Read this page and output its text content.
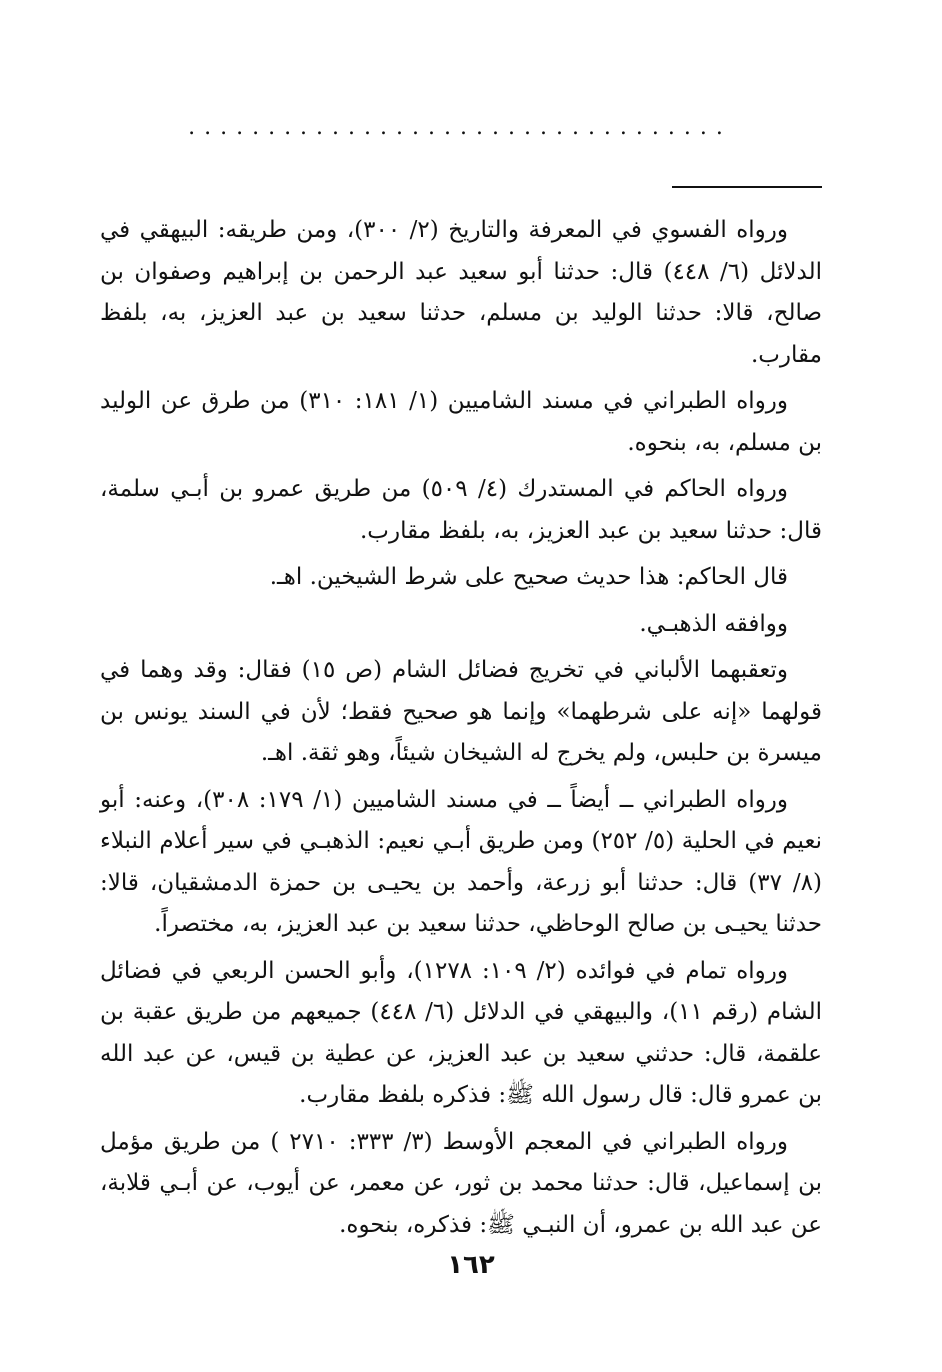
..................................

ورواه الفسوي في المعرفة والتاريخ (٢/ ٣٠٠)، ومن طريقه: البيهقي في الدلائل (٦/ ٤٤٨) قال: حدثنا أبو سعيد عبد الرحمن بن إبراهيم وصفوان بن صالح، قالا: حدثنا الوليد بن مسلم، حدثنا سعيد بن عبد العزيز، به، بلفظ مقارب.

ورواه الطبراني في مسند الشاميين (١/ ١٨١: ٣١٠) من طرق عن الوليد بن مسلم، به، بنحوه.

ورواه الحاكم في المستدرك (٤/ ٥٠٩) من طريق عمرو بن أبـي سلمة، قال: حدثنا سعيد بن عبد العزيز، به، بلفظ مقارب.

قال الحاكم: هذا حديث صحيح على شرط الشيخين. اهـ.

ووافقه الذهبـي.

وتعقبهما الألباني في تخريج فضائل الشام (ص ١٥) فقال: وقد وهما في قولهما «إنه على شرطهما» وإنما هو صحيح فقط؛ لأن في السند يونس بن ميسرة بن حلبس، ولم يخرج له الشيخان شيئاً، وهو ثقة. اهـ.

ورواه الطبراني ــ أيضاً ــ في مسند الشاميين (١/ ١٧٩: ٣٠٨)، وعنه: أبو نعيم في الحلية (٥/ ٢٥٢) ومن طريق أبـي نعيم: الذهبـي في سير أعلام النبلاء (٨/ ٣٧) قال: حدثنا أبو زرعة، وأحمد بن يحيـى بن حمزة الدمشقيان، قالا: حدثنا يحيـى بن صالح الوحاظي، حدثنا سعيد بن عبد العزيز، به، مختصراً.

ورواه تمام في فوائده (٢/ ١٠٩: ١٢٧٨)، وأبو الحسن الربعي في فضائل الشام (رقم ١١)، والبيهقي في الدلائل (٦/ ٤٤٨) جميعهم من طريق عقبة بن علقمة، قال: حدثني سعيد بن عبد العزيز، عن عطية بن قيس، عن عبد الله بن عمرو قال: قال رسول الله ﷺ: فذكره بلفظ مقارب.

ورواه الطبراني في المعجم الأوسط (٣/ ٣٣٣: ٢٧١٠ ) من طريق مؤمل بن إسماعيل، قال: حدثنا محمد بن ثور، عن معمر، عن أيوب، عن أبـي قلابة، عن عبد الله بن عمرو، أن النبـي ﷺ: فذكره، بنحوه.

١٦٢
